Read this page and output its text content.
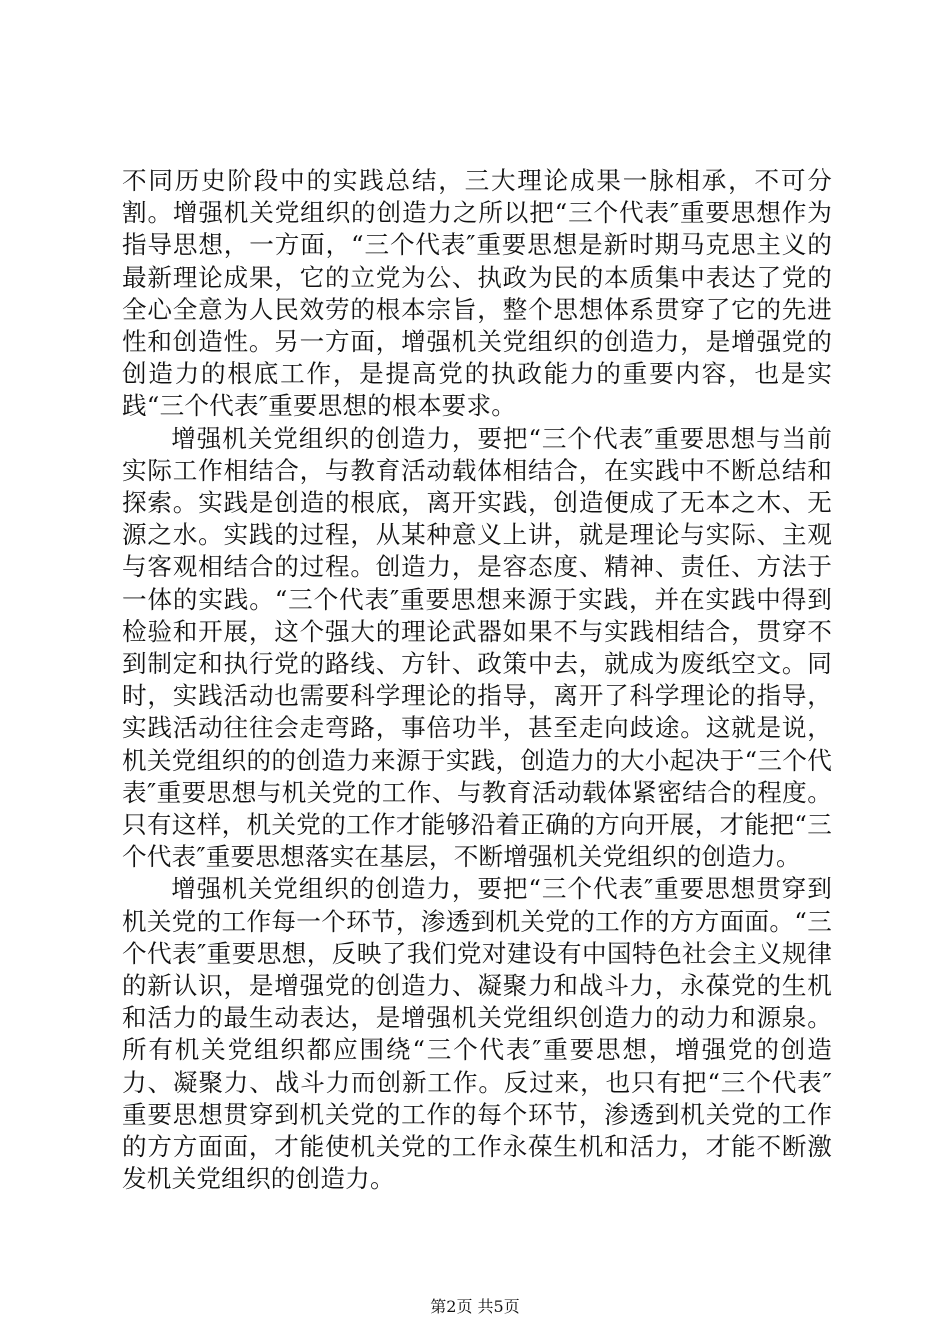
不同历史阶段中的实践总结，三大理论成果一脉相承，不可分割。增强机关党组织的创造力之所以把“三个代表″重要思想作为指导思想，一方面，“三个代表″重要思想是新时期马克思主义的最新理论成果，它的立党为公、执政为民的本质集中表达了党的全心全意为人民效劳的根本宗旨，整个思想体系贯穿了它的先进性和创造性。另一方面，增强机关党组织的创造力，是增强党的创造力的根底工作，是提高党的执政能力的重要内容，也是实践“三个代表″重要思想的根本要求。

增强机关党组织的创造力，要把“三个代表″重要思想与当前实际工作相结合，与教育活动载体相结合，在实践中不断总结和探索。实践是创造的根底，离开实践，创造便成了无本之木、无源之水。实践的过程，从某种意义上讲，就是理论与实际、主观与客观相结合的过程。创造力，是容态度、精神、责任、方法于一体的实践。“三个代表″重要思想来源于实践，并在实践中得到检验和开展，这个强大的理论武器如果不与实践相结合，贯穿不到制定和执行党的路线、方针、政策中去，就成为废纸空文。同时，实践活动也需要科学理论的指导，离开了科学理论的指导，实践活动往往会走弯路，事倍功半，甚至走向歧途。这就是说，机关党组织的的创造力来源于实践，创造力的大小起决于“三个代表″重要思想与机关党的工作、与教育活动载体紧密结合的程度。只有这样，机关党的工作才能够沿着正确的方向开展，才能把“三个代表″重要思想落实在基层，不断增强机关党组织的创造力。

增强机关党组织的创造力，要把“三个代表″重要思想贯穿到机关党的工作每一个环节，渗透到机关党的工作的方方面面。“三个代表″重要思想，反映了我们党对建设有中国特色社会主义规律的新认识，是增强党的创造力、凝聚力和战斗力，永葆党的生机和活力的最生动表达，是增强机关党组织创造力的动力和源泉。所有机关党组织都应围绕“三个代表″重要思想，增强党的创造力、凝聚力、战斗力而创新工作。反过来，也只有把“三个代表″重要思想贯穿到机关党的工作的每个环节，渗透到机关党的工作的方方面面，才能使机关党的工作永葆生机和活力，才能不断激发机关党组织的创造力。

第2页 共5页
